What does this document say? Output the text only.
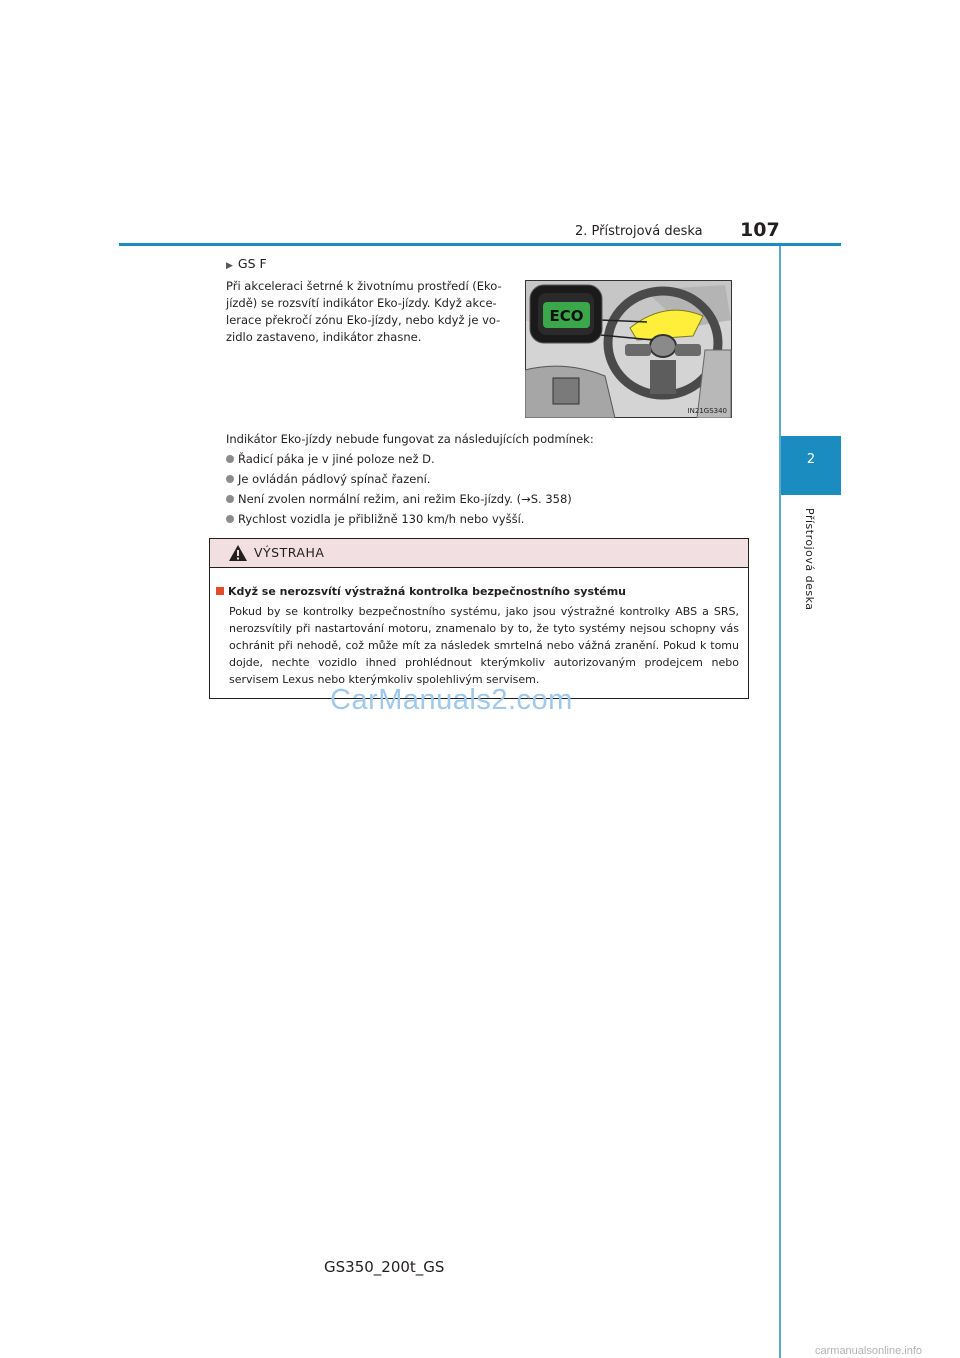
2. Přístrojová deska 107
2
Přístrojová deska
▶ GS F
Při akceleraci šetrné k životnímu prostředí (Eko-
jízdě) se rozsvítí indikátor Eko-jízdy. Když akce-
lerace překročí zónu Eko-jízdy, nebo když je vo-
zidlo zastaveno, indikátor zhasne.
ECO
IN21GS340
Indikátor Eko-jízdy nebude fungovat za následujících podmínek:
Řadicí páka je v jiné poloze než D.
Je ovládán pádlový spínač řazení.
Není zvolen normální režim, ani režim Eko-jízdy. (→S. 358)
Rychlost vozidla je přibližně 130 km/h nebo vyšší.
VÝSTRAHA
Když se nerozsvítí výstražná kontrolka bezpečnostního systému
Pokud by se kontrolky bezpečnostního systému, jako jsou výstražné kontrolky ABS a SRS, nerozsvítily při nastartování motoru, znamenalo by to, že tyto systémy nejsou schopny vás ochránit při nehodě, což může mít za následek smrtelná nebo vážná zranění. Pokud k tomu dojde, nechte vozidlo ihned prohlédnout kterýmkoliv autorizovaným prodejcem nebo servisem Lexus nebo kterýmkoliv spolehlivým servisem.
CarManuals2.com
GS350_200t_GS
carmanualsonline.info
